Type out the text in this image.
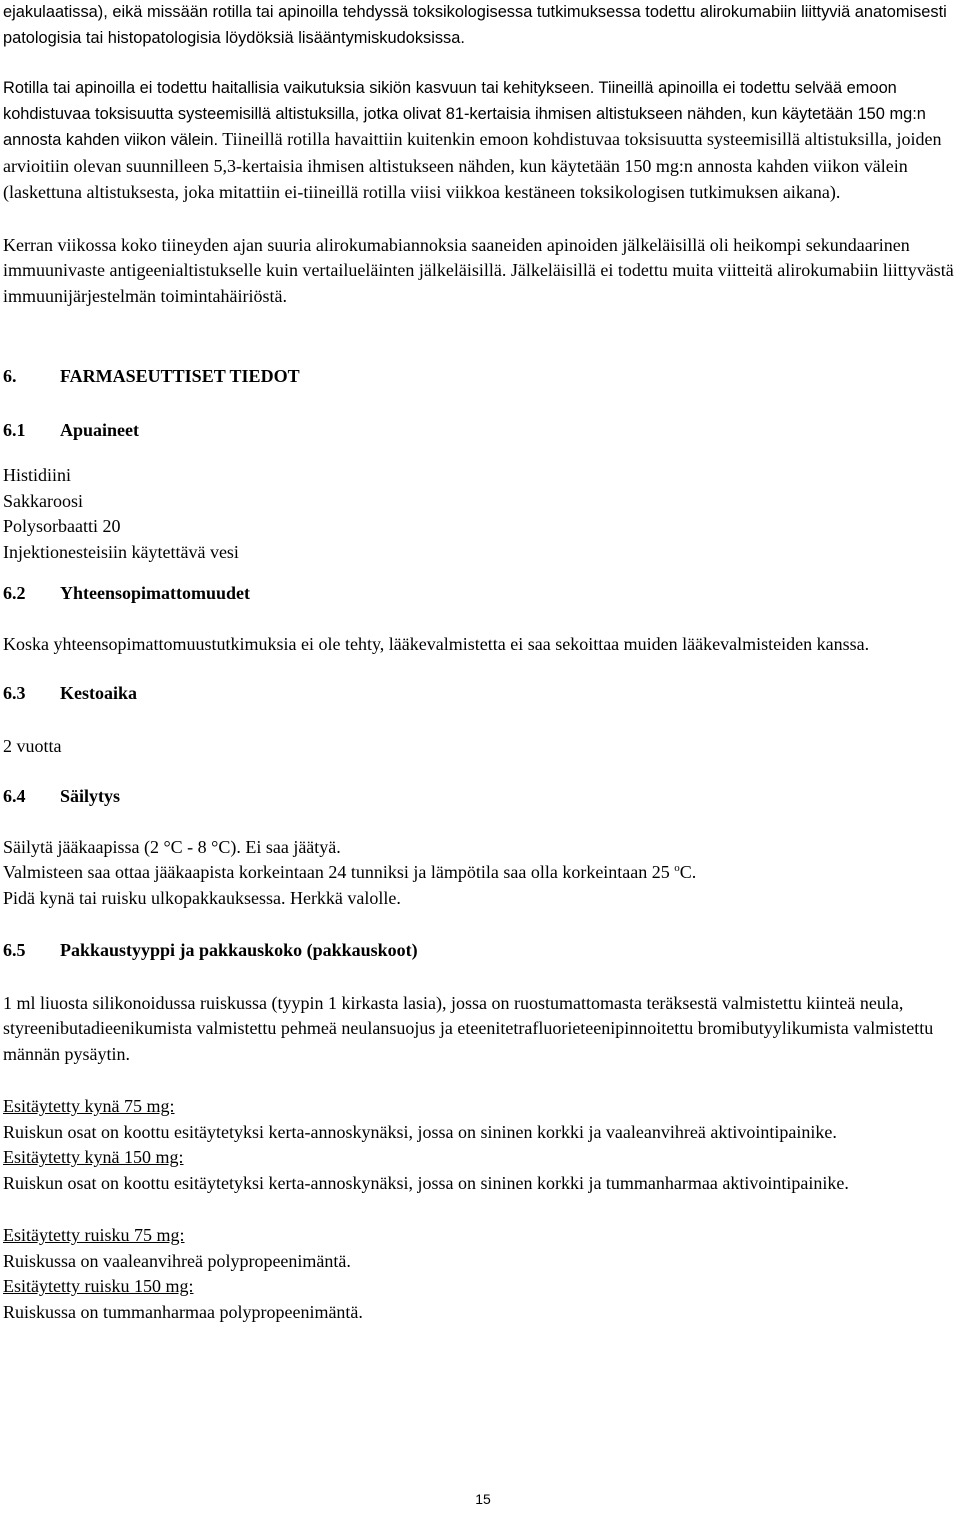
ejakulaatissa), eikä missään rotilla tai apinoilla tehdyssä toksikologisessa tutkimuksessa todettu alirokumabiin liittyviä anatomisesti patologisia tai histopatologisia löydöksiä lisääntymiskudoksissa.

Rotilla tai apinoilla ei todettu haitallisia vaikutuksia sikiön kasvuun tai kehitykseen. Tiineillä apinoilla ei todettu selvää emoon kohdistuvaa toksisuutta systeemisillä altistuksilla, jotka olivat 81-kertaisia ihmisen altistukseen nähden, kun käytetään 150 mg:n annosta kahden viikon välein. Tiineillä rotilla havaittiin kuitenkin emoon kohdistuvaa toksisuutta systeemisillä altistuksilla, joiden arvioitiin olevan suunnilleen 5,3-kertaisia ihmisen altistukseen nähden, kun käytetään 150 mg:n annosta kahden viikon välein (laskettuna altistuksesta, joka mitattiin ei-tiineillä rotilla viisi viikkoa kestäneen toksikologisen tutkimuksen aikana).

Kerran viikossa koko tiineyden ajan suuria alirokumabiannoksia saaneiden apinoiden jälkeläisillä oli heikompi sekundaarinen immuunivaste antigeenialtistukselle kuin vertailueläinten jälkeläisillä. Jälkeläisillä ei todettu muita viitteitä alirokumabiin liittyvästä immuunijärjestelmän toimintahäiriöstä.

6.	FARMASEUTTISET TIEDOT
6.1	Apuaineet

Histidiini

Sakkaroosi

Polysorbaatti 20

Injektionesteisiin käytettävä vesi

6.2	Yhteensopimattomuudet

Koska yhteensopimattomuustutkimuksia ei ole tehty, lääkevalmistetta ei saa sekoittaa muiden lääkevalmisteiden kanssa.

6.3	Kestoaika

2 vuotta

6.4	Säilytys

Säilytä jääkaapissa (2 °C - 8 °C). Ei saa jäätyä.

Valmisteen saa ottaa jääkaapista korkeintaan 24 tunniksi ja lämpötila saa olla korkeintaan 25 $^o$C.

Pidä kynä tai ruisku ulkopakkauksessa. Herkkä valolle.

6.5	Pakkaustyyppi ja pakkauskoko (pakkauskoot)

1 ml liuosta silikonoidussa ruiskussa (tyypin 1 kirkasta lasia), jossa on ruostumattomasta teräksestä valmistettu kiinteä neula, styreenibutadieenikumista valmistettu pehmeä neulansuojus ja eteenitetrafluorieteenipinnoitettu bromibutyylikumista valmistettu männän pysäytin.

Esitäytetty kynä 75 mg:

Ruiskun osat on koottu esitäytetyksi kerta-annoskynäksi, jossa on sininen korkki ja vaaleanvihreä aktivointipainike.

Esitäytetty kynä 150 mg:

Ruiskun osat on koottu esitäytetyksi kerta-annoskynäksi, jossa on sininen korkki ja tummanharmaa aktivointipainike.

Esitäytetty ruisku 75 mg:

Ruiskussa on vaaleanvihreä polypropeenimäntä.

Esitäytetty ruisku 150 mg:

Ruiskussa on tummanharmaa polypropeenimäntä.

15
